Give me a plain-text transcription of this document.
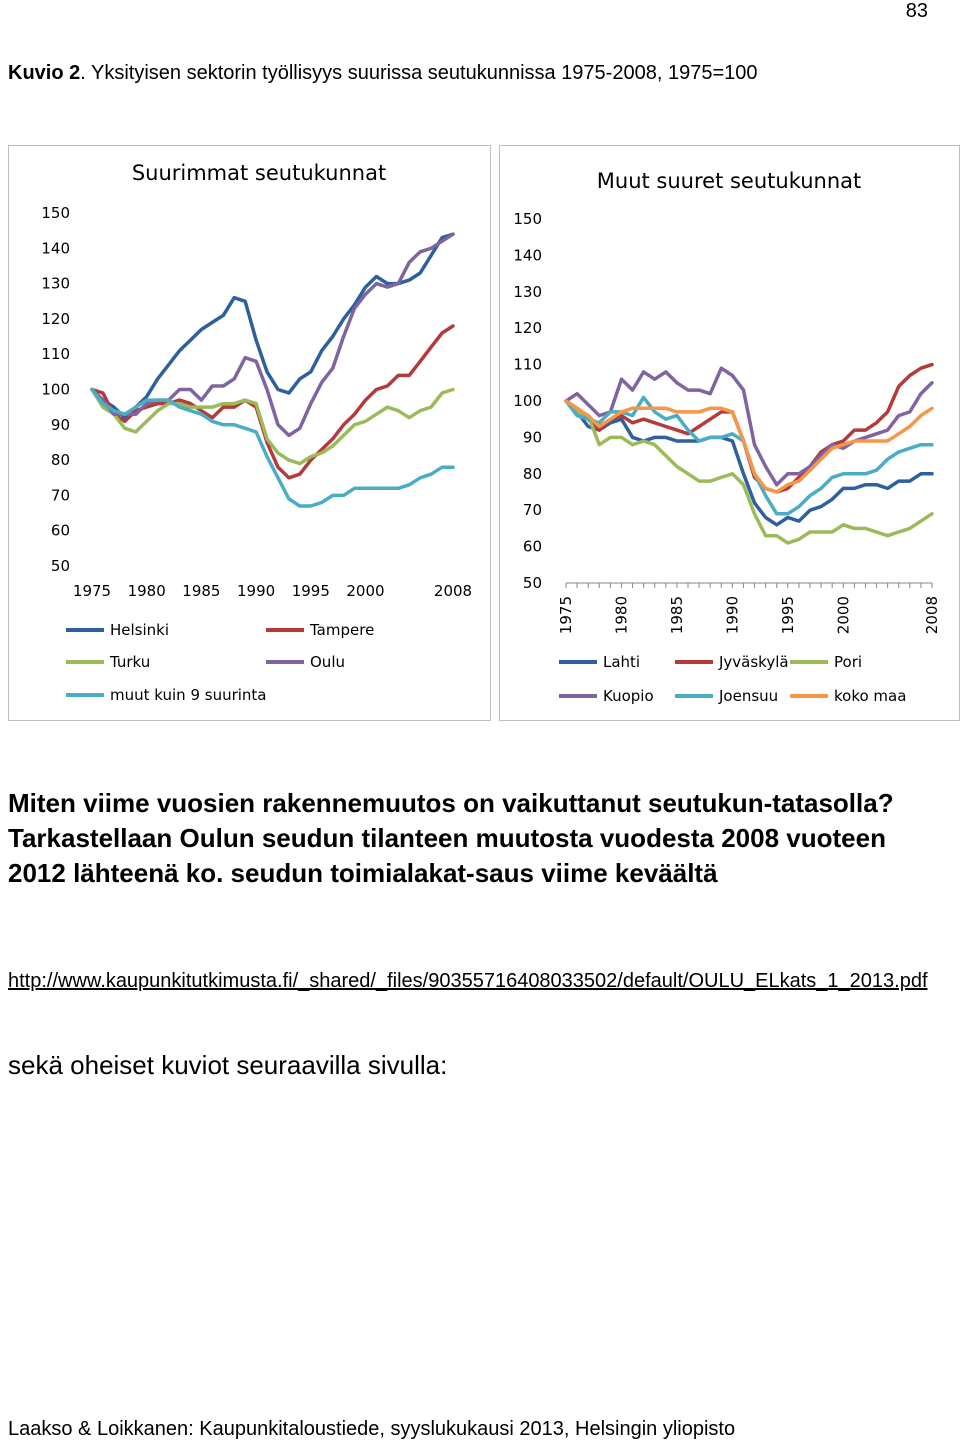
83
Kuvio 2. Yksityisen sektorin työllisyys suurissa seutukunnissa 1975-2008, 1975=100
Suurimmat seutukunnat
50
60
70
80
90
100
110
120
130
140
150
1975 1980 1985 1990 1995 2000	2008
Helsinki	Tampere
Turku	Oulu
muut kuin 9 suurinta
Muut suuret seutukunnat
50
60
70
80
90
100
110
120
130
140
150
1975 1980 1985 1990 1995 2000	2008
Lahti	Jyväskylä	Pori
Kuopio	Joensuu	koko maa
Miten viime vuosien rakennemuutos on vaikuttanut seutukun-tatasolla? Tarkastellaan Oulun seudun tilanteen muutosta vuodesta 2008 vuoteen 2012 lähteenä ko. seudun toimialakat-saus viime keväältä
http://www.kaupunkitutkimusta.fi/_shared/_files/90355716408033502/default/OULU_ELkats_1_2013.pdf
sekä oheiset kuviot seuraavilla sivulla:
Laakso & Loikkanen: Kaupunkitaloustiede, syyslukukausi 2013, Helsingin yliopisto
